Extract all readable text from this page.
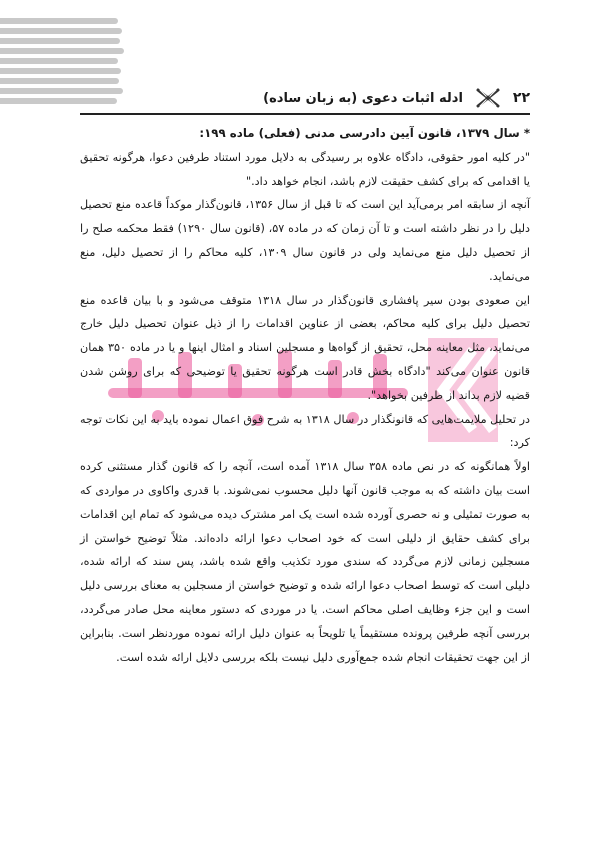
۲۲
ادله اثبات دعوی (به زبان ساده)

* سال ۱۳۷۹، قانون آیین دادرسی مدنی (فعلی) ماده ۱۹۹:

"در کلیه امور حقوقی، دادگاه علاوه بر رسیدگی به دلایل مورد استناد طرفین دعوا، هرگونه تحقیق یا اقدامی که برای کشف حقیقت لازم باشد، انجام خواهد داد."

آنچه از سابقه امر برمی‌آید این است که تا قبل از سال ۱۳۵۶، قانون‌گذار موکداً قاعده منع تحصیل دلیل را در نظر داشته است و تا آن زمان که در ماده ۵۷، (قانون سال ۱۲۹۰) فقط محکمه صلح را از تحصیل دلیل منع می‌نماید ولی در قانون سال ۱۳۰۹، کلیه محاکم را از تحصیل دلیل، منع می‌نماید.

این صعودی بودن سیر پافشاری قانون‌گذار در سال ۱۳۱۸ متوقف می‌شود و با بیان قاعده منع تحصیل دلیل برای کلیه محاکم، بعضی از عناوین اقدامات را از ذیل عنوان تحصیل دلیل خارج می‌نماید، مثل معاینه محل، تحقیق از گواه‌ها و مسجلین اسناد و امثال اینها و یا در ماده ۳۵۰ همان قانون عنوان می‌کند "دادگاه بخش قادر است هرگونه تحقیق یا توضیحی که برای روشن شدن قضیه لازم بداند از طرفین بخواهد".

در تحلیل ملایمت‌هایی که قانونگذار در سال ۱۳۱۸ به شرح فوق اعمال نموده باید به این نکات توجه کرد:

اولاً همانگونه که در نص ماده ۳۵۸ سال ۱۳۱۸ آمده است، آنچه را که قانون گذار مستثنی کرده است بیان داشته که به موجب قانون آنها دلیل محسوب نمی‌شوند. با قدری واکاوی در مواردی که به صورت تمثیلی و نه حصری آورده شده است یک امر مشترک دیده می‌شود که تمام این اقدامات برای کشف حقایق از دلیلی است که خود اصحاب دعوا ارائه داده‌اند. مثلاً توضیح خواستن از مسجلین زمانی لازم می‌گردد که سندی مورد تکذیب واقع شده باشد، پس سند که ارائه شده، دلیلی است که توسط اصحاب دعوا ارائه شده و توضیح خواستن از مسجلین به معنای بررسی دلیل است و این جزء وظایف اصلی محاکم است. یا در موردی که دستور معاینه محل صادر می‌گردد، بررسی آنچه طرفین پرونده مستقیماً یا تلویحاً به عنوان دلیل ارائه نموده موردنظر است. بنابراین از این جهت تحقیقات انجام شده جمع‌آوری دلیل نیست بلکه بررسی دلایل ارائه شده است.
